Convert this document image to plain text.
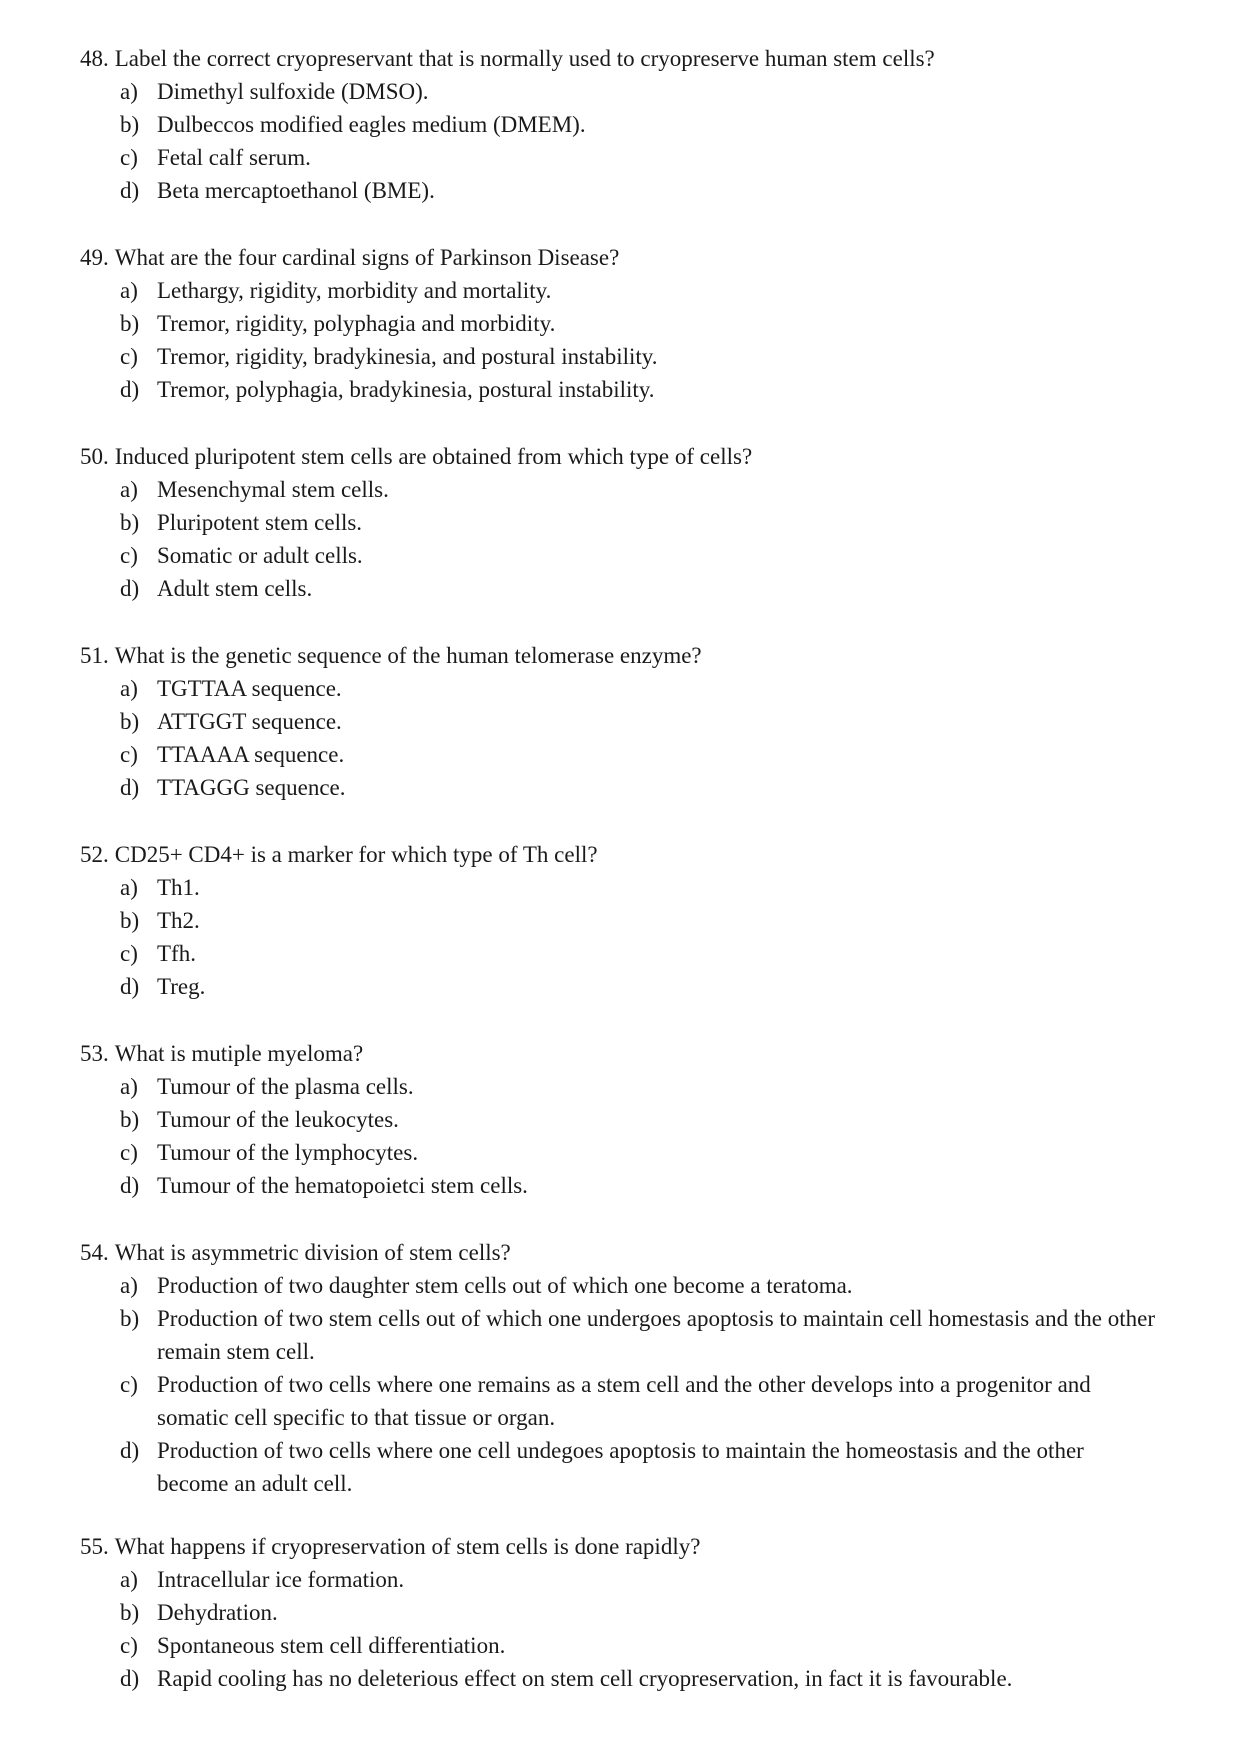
48. Label the correct cryopreservant that is normally used to cryopreserve human stem cells?
a) Dimethyl sulfoxide (DMSO).
b) Dulbeccos modified eagles medium (DMEM).
c) Fetal calf serum.
d) Beta mercaptoethanol (BME).
49. What are the four cardinal signs of Parkinson Disease?
a) Lethargy, rigidity, morbidity and mortality.
b) Tremor, rigidity, polyphagia and morbidity.
c) Tremor, rigidity, bradykinesia, and postural instability.
d) Tremor, polyphagia, bradykinesia, postural instability.
50. Induced pluripotent stem cells are obtained from which type of cells?
a) Mesenchymal stem cells.
b) Pluripotent stem cells.
c) Somatic or adult cells.
d) Adult stem cells.
51. What is the genetic sequence of the human telomerase enzyme?
a) TGTTAA sequence.
b) ATTGGT sequence.
c) TTAAAA sequence.
d) TTAGGG sequence.
52. CD25+ CD4+ is a marker for which type of Th cell?
a) Th1.
b) Th2.
c) Tfh.
d) Treg.
53. What is mutiple myeloma?
a) Tumour of the plasma cells.
b) Tumour of the leukocytes.
c) Tumour of the lymphocytes.
d) Tumour of the hematopoietci stem cells.
54. What is asymmetric division of stem cells?
a) Production of two daughter stem cells out of which one become a teratoma.
b) Production of two stem cells out of which one undergoes apoptosis to maintain cell homestasis and the other remain stem cell.
c) Production of two cells where one remains as a stem cell and the other develops into a progenitor and somatic cell specific to that tissue or organ.
d) Production of two cells where one cell undegoes apoptosis to maintain the homeostasis and the other become an adult cell.
55. What happens if cryopreservation of stem cells is done rapidly?
a) Intracellular ice formation.
b) Dehydration.
c) Spontaneous stem cell differentiation.
d) Rapid cooling has no deleterious effect on stem cell cryopreservation, in fact it is favourable.
